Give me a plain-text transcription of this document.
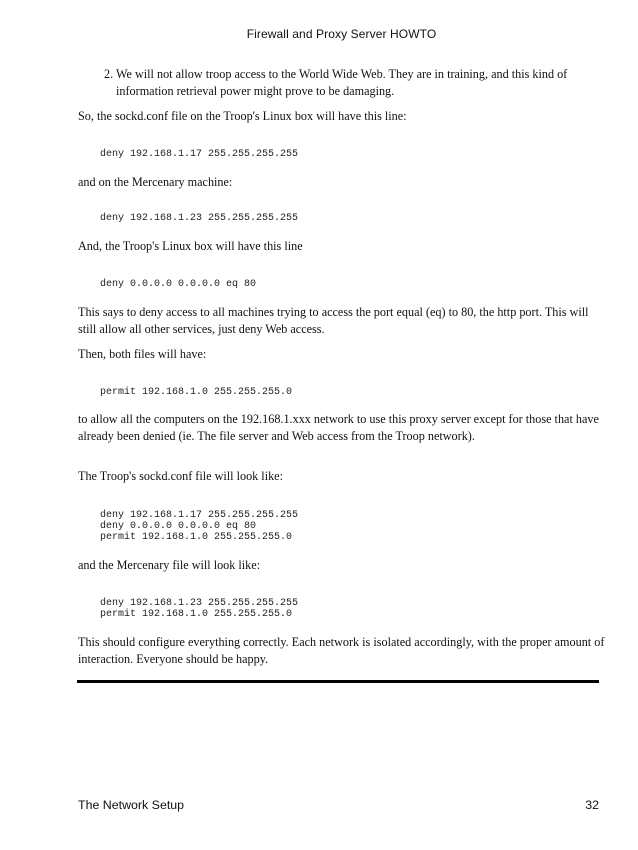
Firewall and Proxy Server HOWTO
2. We will not allow troop access to the World Wide Web. They are in training, and this kind of information retrieval power might prove to be damaging.

So, the sockd.conf file on the Troop's Linux box will have this line:

deny 192.168.1.17 255.255.255.255

and on the Mercenary machine:

deny 192.168.1.23 255.255.255.255

And, the Troop's Linux box will have this line

deny 0.0.0.0 0.0.0.0 eq 80

This says to deny access to all machines trying to access the port equal (eq) to 80, the http port. This will still allow all other services, just deny Web access.

Then, both files will have:

permit 192.168.1.0 255.255.255.0

to allow all the computers on the 192.168.1.xxx network to use this proxy server except for those that have already been denied (ie. The file server and Web access from the Troop network).

The Troop's sockd.conf file will look like:

deny 192.168.1.17 255.255.255.255
deny 0.0.0.0 0.0.0.0 eq 80
permit 192.168.1.0 255.255.255.0

and the Mercenary file will look like:

deny 192.168.1.23 255.255.255.255
permit 192.168.1.0 255.255.255.0

This should configure everything correctly. Each network is isolated accordingly, with the proper amount of interaction. Everyone should be happy.

The Network Setup	32
